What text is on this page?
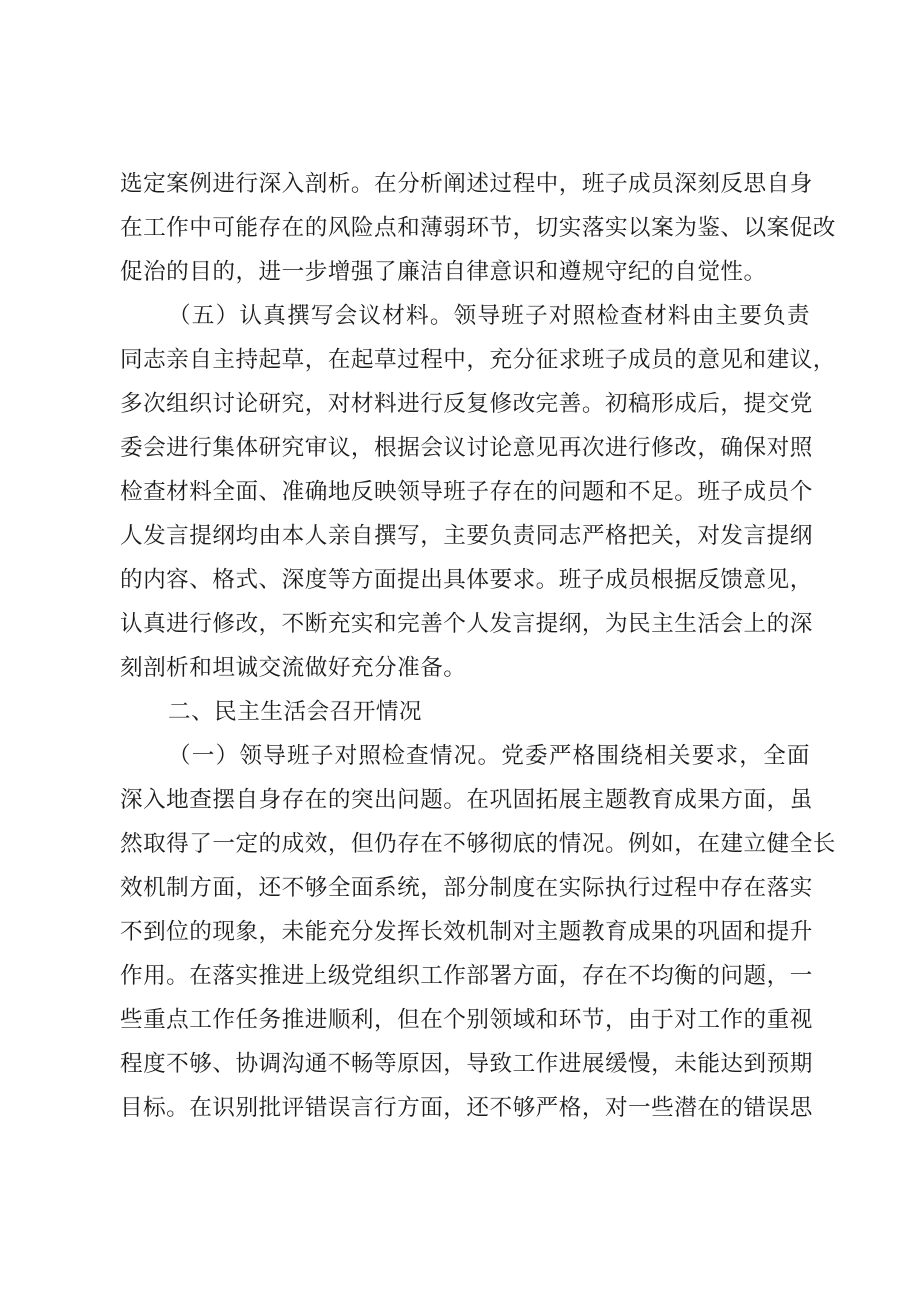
选定案例进行深入剖析。在分析阐述过程中，班子成员深刻反思自身
在工作中可能存在的风险点和薄弱环节，切实落实以案为鉴、以案促改
促治的目的，进一步增强了廉洁自律意识和遵规守纪的自觉性。
（五）认真撰写会议材料。领导班子对照检查材料由主要负责
同志亲自主持起草，在起草过程中，充分征求班子成员的意见和建议，
多次组织讨论研究，对材料进行反复修改完善。初稿形成后，提交党
委会进行集体研究审议，根据会议讨论意见再次进行修改，确保对照
检查材料全面、准确地反映领导班子存在的问题和不足。班子成员个
人发言提纲均由本人亲自撰写，主要负责同志严格把关，对发言提纲
的内容、格式、深度等方面提出具体要求。班子成员根据反馈意见，
认真进行修改，不断充实和完善个人发言提纲，为民主生活会上的深
刻剖析和坦诚交流做好充分准备。
二、民主生活会召开情况
（一）领导班子对照检查情况。党委严格围绕相关要求，全面
深入地查摆自身存在的突出问题。在巩固拓展主题教育成果方面，虽
然取得了一定的成效，但仍存在不够彻底的情况。例如，在建立健全长
效机制方面，还不够全面系统，部分制度在实际执行过程中存在落实
不到位的现象，未能充分发挥长效机制对主题教育成果的巩固和提升
作用。在落实推进上级党组织工作部署方面，存在不均衡的问题，一
些重点工作任务推进顺利，但在个别领域和环节，由于对工作的重视
程度不够、协调沟通不畅等原因，导致工作进展缓慢，未能达到预期
目标。在识别批评错误言行方面，还不够严格，对一些潜在的错误思
